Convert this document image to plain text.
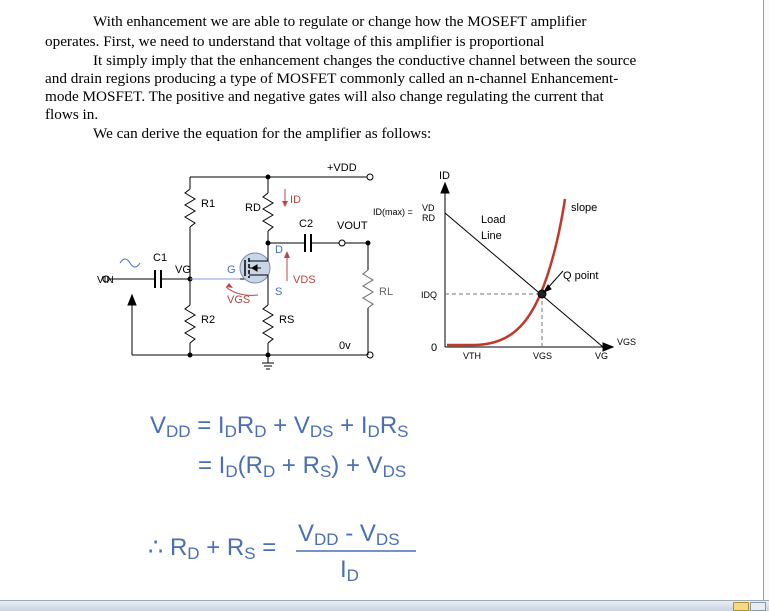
With enhancement we are able to regulate or change how the MOSEFT amplifier
operates. First, we need to understand that voltage of this amplifier is proportional
It simply imply that the enhancement changes the conductive channel between the source
and drain regions producing a type of MOSFET commonly called an n-channel Enhancement-
mode MOSFET. The positive and negative gates will also change regulating the current that
flows in.
We can derive the equation for the amplifier as follows:
+VDD
R1	RD
ID
C2 VOUT
C1
VIN
VG	G
D
S
VDS
VGS
RL
R2	RS
0v
ID
ID(max) = VD
RD	Load
Line
slope
Q point
IDQ
0
VTH	VGS	VG
VGS
VDD = IDRD + VDS + IDRS
= ID(RD + RS) + VDS
∴ RD + RS =
VDD - VDS
ID
